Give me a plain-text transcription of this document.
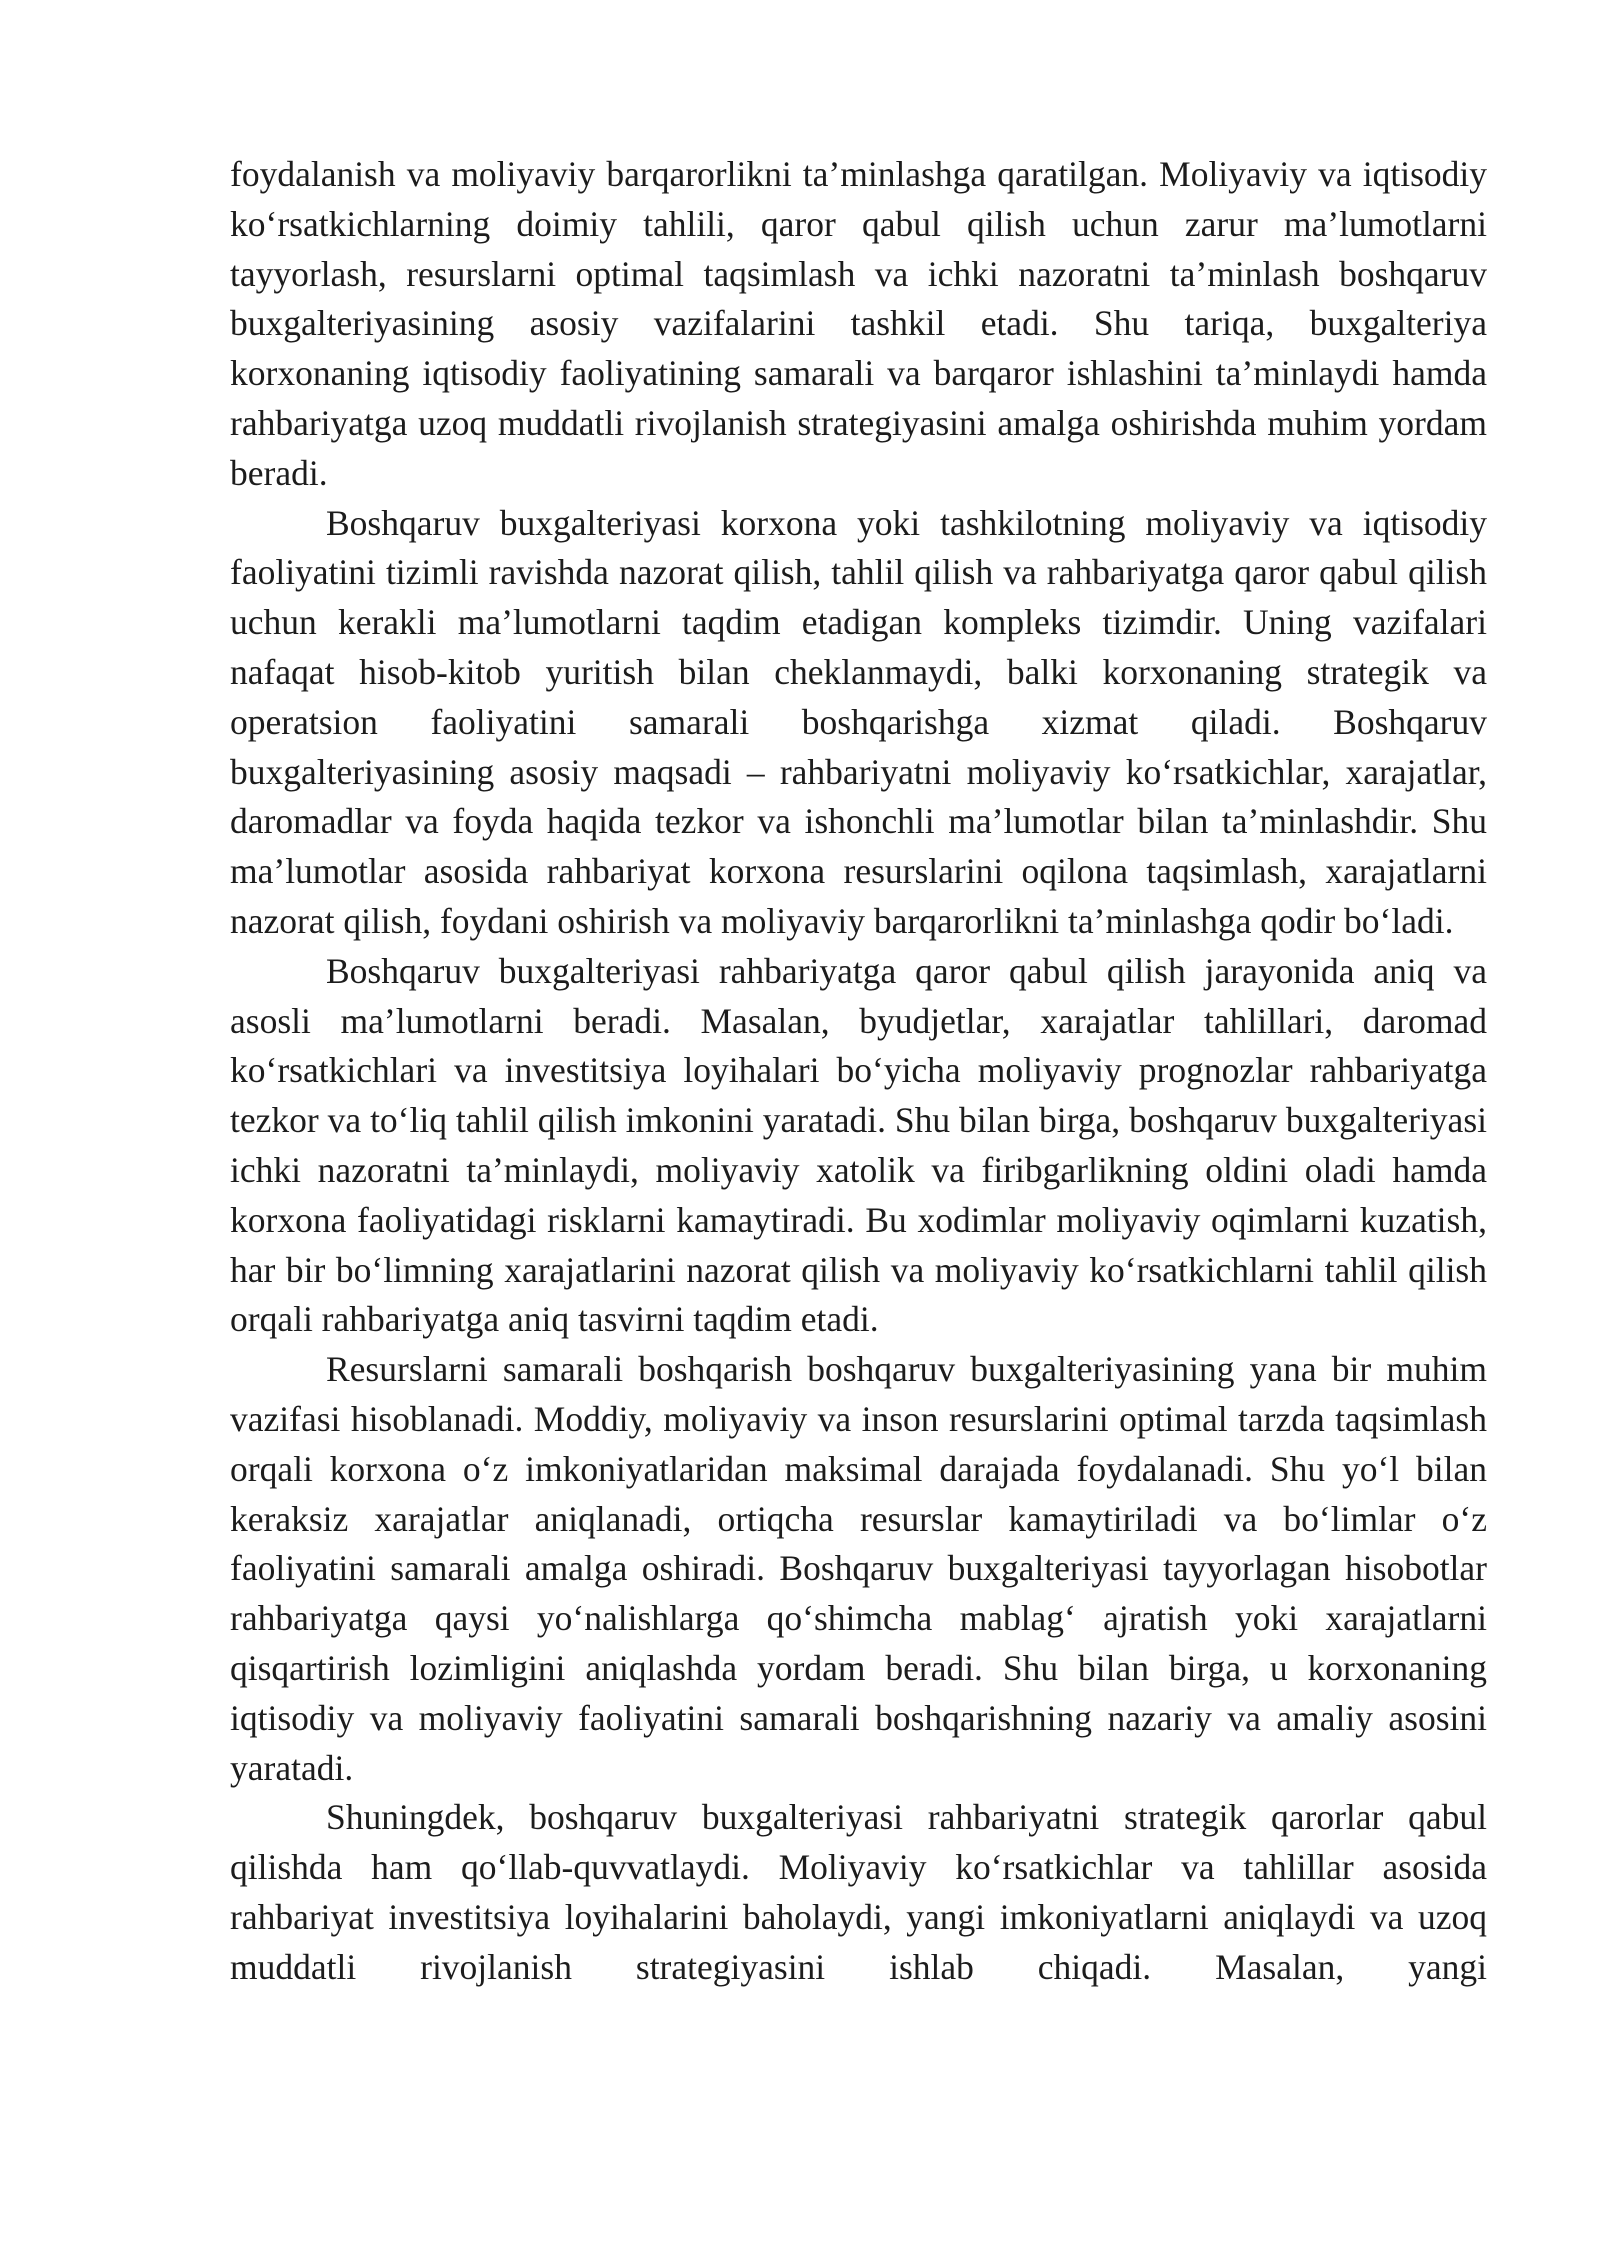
foydalanish va moliyaviy barqarorlikni ta’minlashga qaratilgan. Moliyaviy va iqtisodiy ko‘rsatkichlarning doimiy tahlili, qaror qabul qilish uchun zarur ma’lumotlarni tayyorlash, resurslarni optimal taqsimlash va ichki nazoratni ta’minlash boshqaruv buxgalteriyasining asosiy vazifalarini tashkil etadi. Shu tariqa, buxgalteriya korxonaning iqtisodiy faoliyatining samarali va barqaror ishlashini ta’minlaydi hamda rahbariyatga uzoq muddatli rivojlanish strategiyasini amalga oshirishda muhim yordam beradi.

Boshqaruv buxgalteriyasi korxona yoki tashkilotning moliyaviy va iqtisodiy faoliyatini tizimli ravishda nazorat qilish, tahlil qilish va rahbariyatga qaror qabul qilish uchun kerakli ma’lumotlarni taqdim etadigan kompleks tizimdir. Uning vazifalari nafaqat hisob-kitob yuritish bilan cheklanmaydi, balki korxonaning strategik va operatsion faoliyatini samarali boshqarishga xizmat qiladi. Boshqaruv buxgalteriyasining asosiy maqsadi – rahbariyatni moliyaviy ko‘rsatkichlar, xarajatlar, daromadlar va foyda haqida tezkor va ishonchli ma’lumotlar bilan ta’minlashdir. Shu ma’lumotlar asosida rahbariyat korxona resurslarini oqilona taqsimlash, xarajatlarni nazorat qilish, foydani oshirish va moliyaviy barqarorlikni ta’minlashga qodir bo‘ladi.

Boshqaruv buxgalteriyasi rahbariyatga qaror qabul qilish jarayonida aniq va asosli ma’lumotlarni beradi. Masalan, byudjetlar, xarajatlar tahlillari, daromad ko‘rsatkichlari va investitsiya loyihalari bo‘yicha moliyaviy prognozlar rahbariyatga tezkor va to‘liq tahlil qilish imkonini yaratadi. Shu bilan birga, boshqaruv buxgalteriyasi ichki nazoratni ta’minlaydi, moliyaviy xatolik va firibgarlikning oldini oladi hamda korxona faoliyatidagi risklarni kamaytiradi. Bu xodimlar moliyaviy oqimlarni kuzatish, har bir bo‘limning xarajatlarini nazorat qilish va moliyaviy ko‘rsatkichlarni tahlil qilish orqali rahbariyatga aniq tasvirni taqdim etadi.

Resurslarni samarali boshqarish boshqaruv buxgalteriyasining yana bir muhim vazifasi hisoblanadi. Moddiy, moliyaviy va inson resurslarini optimal tarzda taqsimlash orqali korxona o‘z imkoniyatlaridan maksimal darajada foydalanadi. Shu yo‘l bilan keraksiz xarajatlar aniqlanadi, ortiqcha resurslar kamaytiriladi va bo‘limlar o‘z faoliyatini samarali amalga oshiradi. Boshqaruv buxgalteriyasi tayyorlagan hisobotlar rahbariyatga qaysi yo‘nalishlarga qo‘shimcha mablag‘ ajratish yoki xarajatlarni qisqartirish lozimligini aniqlashda yordam beradi. Shu bilan birga, u korxonaning iqtisodiy va moliyaviy faoliyatini samarali boshqarishning nazariy va amaliy asosini yaratadi.

Shuningdek, boshqaruv buxgalteriyasi rahbariyatni strategik qarorlar qabul qilishda ham qo‘llab-quvvatlaydi. Moliyaviy ko‘rsatkichlar va tahlillar asosida rahbariyat investitsiya loyihalarini baholaydi, yangi imkoniyatlarni aniqlaydi va uzoq muddatli rivojlanish strategiyasini ishlab chiqadi. Masalan, yangi
